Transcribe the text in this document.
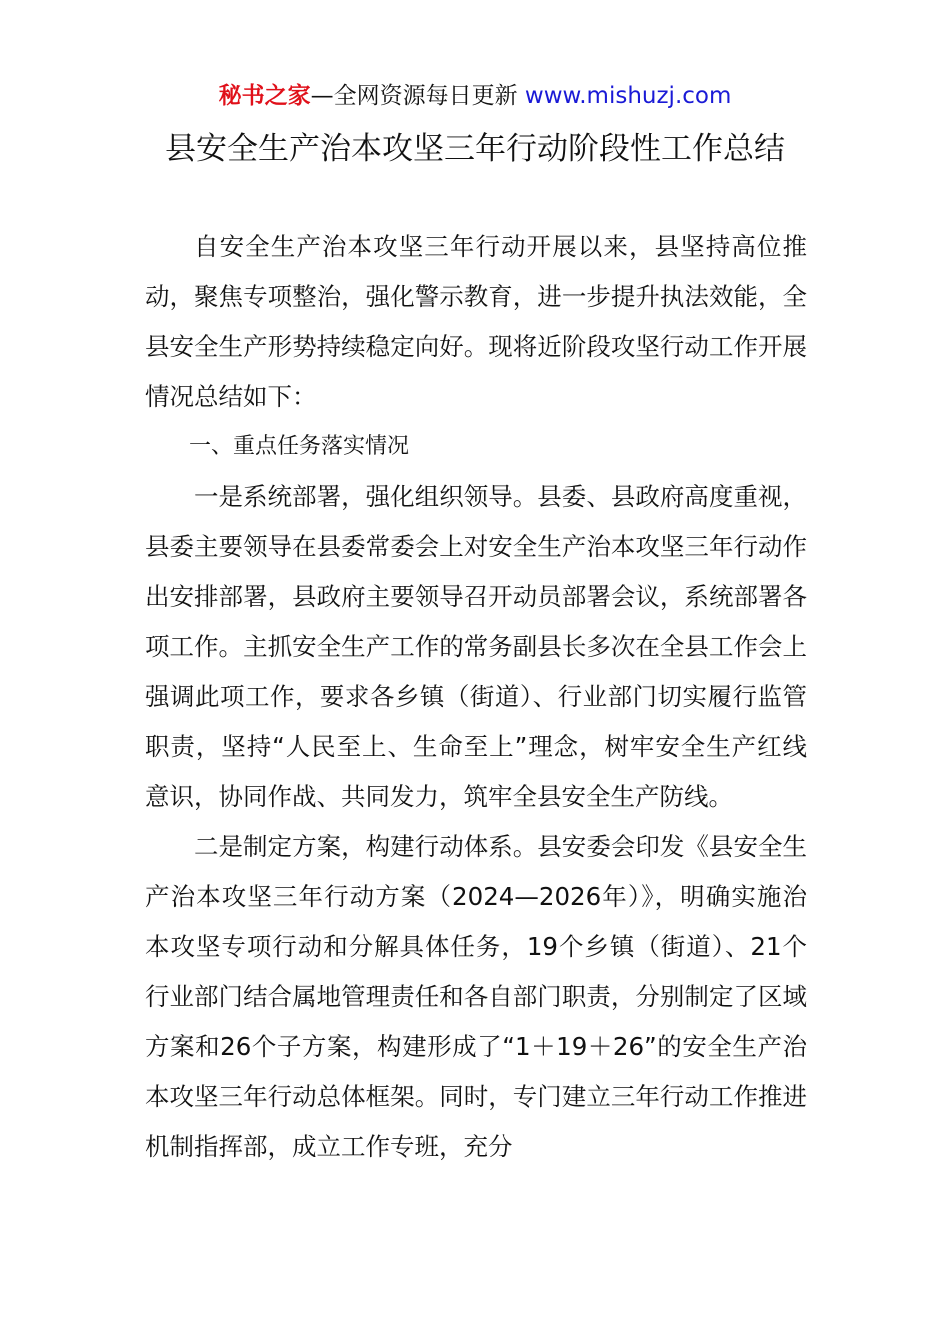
秘书之家—全网资源每日更新 www.mishuzj.com
县安全生产治本攻坚三年行动阶段性工作总结

自安全生产治本攻坚三年行动开展以来，县坚持高位推动，聚焦专项整治，强化警示教育，进一步提升执法效能，全县安全生产形势持续稳定向好。现将近阶段攻坚行动工作开展情况总结如下：

一、重点任务落实情况

一是系统部署，强化组织领导。县委、县政府高度重视，县委主要领导在县委常委会上对安全生产治本攻坚三年行动作出安排部署，县政府主要领导召开动员部署会议，系统部署各项工作。主抓安全生产工作的常务副县长多次在全县工作会上强调此项工作，要求各乡镇（街道）、行业部门切实履行监管职责，坚持“人民至上、生命至上”理念，树牢安全生产红线意识，协同作战、共同发力，筑牢全县安全生产防线。

二是制定方案，构建行动体系。县安委会印发《县安全生产治本攻坚三年行动方案（2024—2026年）》，明确实施治本攻坚专项行动和分解具体任务，19个乡镇（街道）、21个行业部门结合属地管理责任和各自部门职责，分别制定了区域方案和26个子方案，构建形成了“1＋19＋26”的安全生产治本攻坚三年行动总体框架。同时，专门建立三年行动工作推进机制指挥部，成立工作专班，充分
